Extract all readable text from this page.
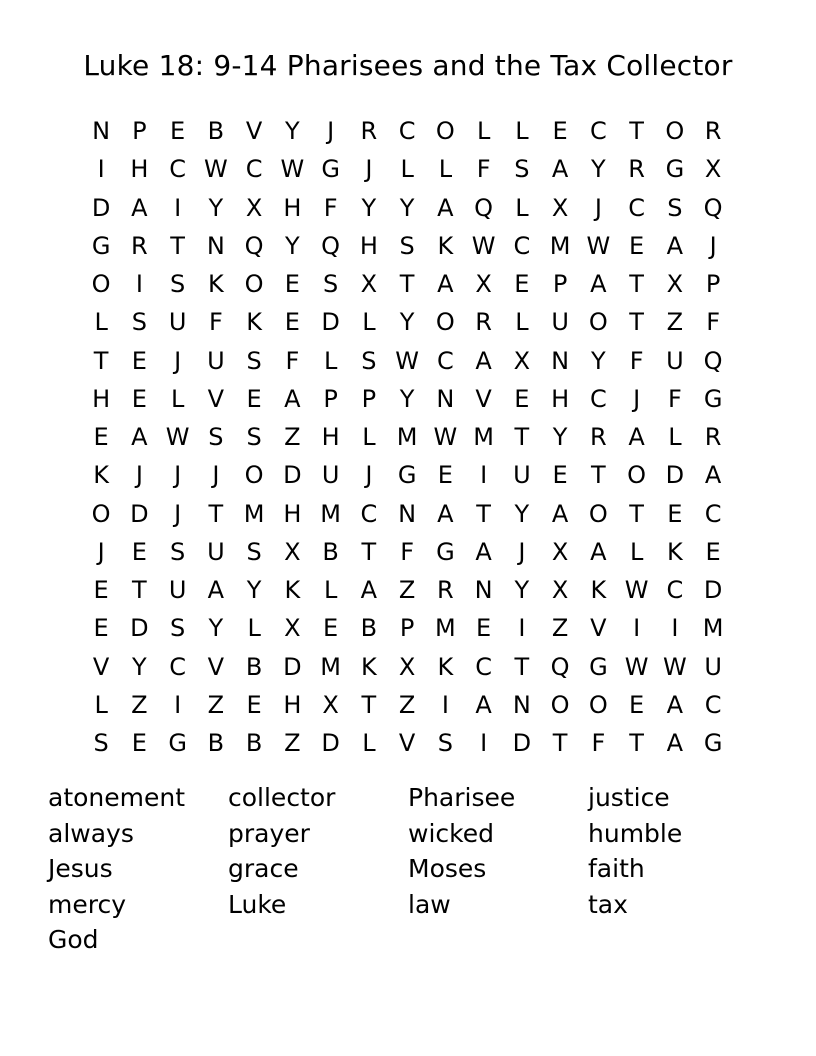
Luke 18: 9-14 Pharisees and the Tax Collector
N P E B V Y	J	R C O L	L E C T O R
I	H C W C W G	J	L	L	F S A Y R G X
D A	I	Y X H F	Y Y A Q L X	J	C S Q
G R T N Q Y Q H S K W C M W E A	J
O	I	S K O E S X T A X E P A T X P
L S U F K E D L	Y O R L U O T Z F
T E	J	U S F	L S W C A X N Y	F U Q
H E L V E A P P Y N V E H C	J	F G
E A W S S Z H L M W M T Y R A L R
K	J	J	J	O D U	J	G E	I	U E T O D A
O D	J	T M H M C N A T Y A O T E C
J	E S U S X B T	F G A	J	X A L K E
E T U A Y K L A Z R N Y X K W C D
E D S Y	L X E B P M E	I	Z V	I	I	M
V Y C V B D M K X K C T Q G W W U
L Z	I	Z E H X T Z	I	A N O O E A C
S E G B B Z D L V S	I	D T	F	T A G
atonement collector	Pharisee	justice
always	prayer	wicked	humble
Jesus	grace	Moses	faith
mercy	Luke	law	tax
God
